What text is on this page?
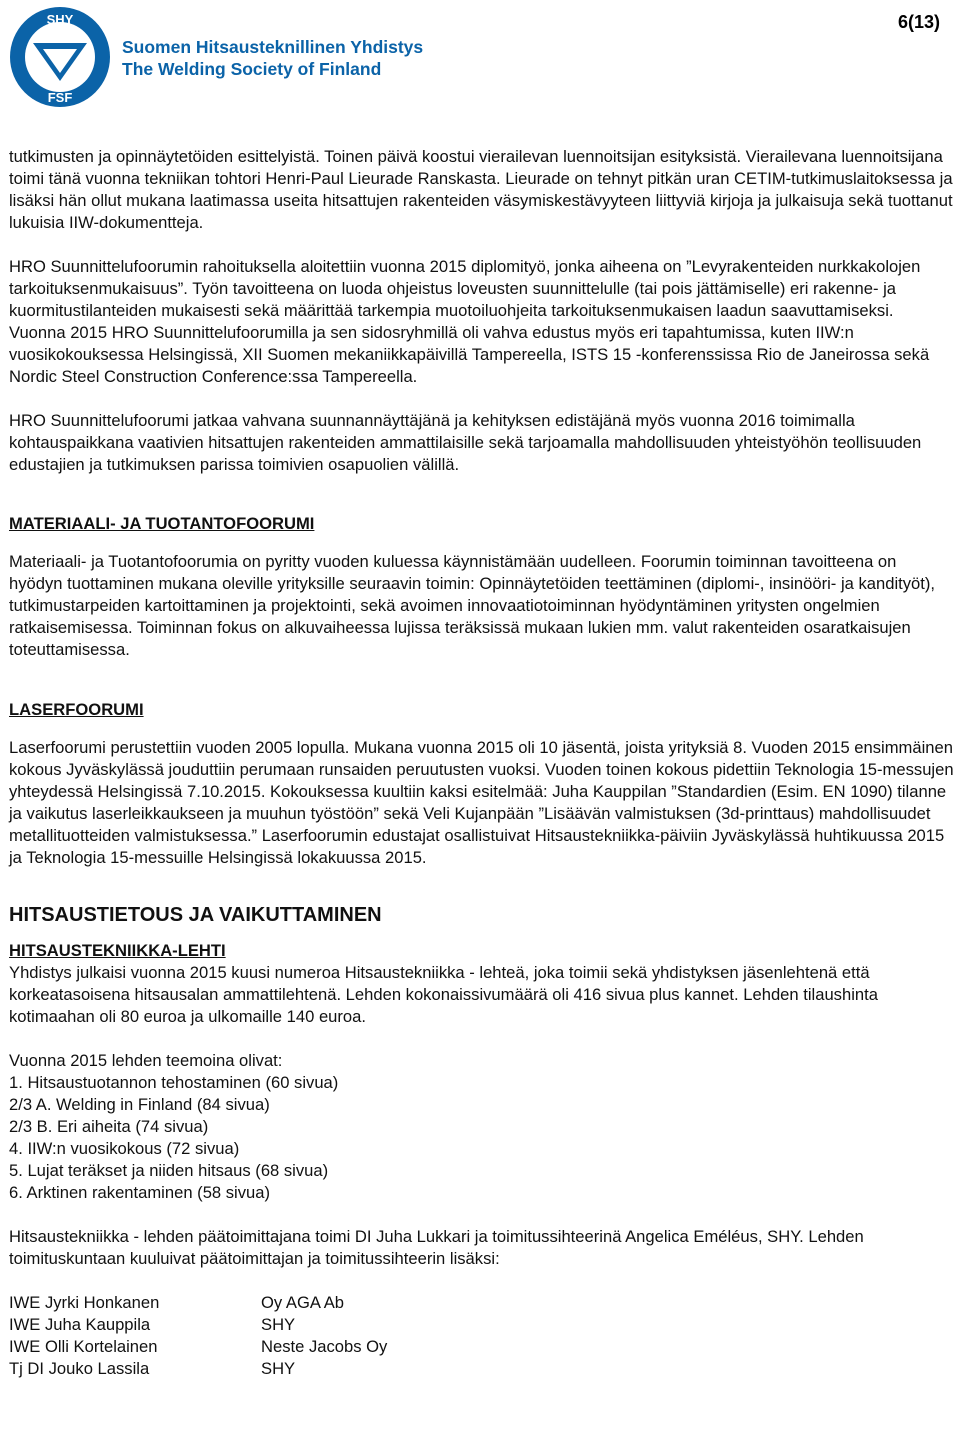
6(13)
SHY
FSF
Suomen Hitsausteknillinen Yhdistys
The Welding Society of Finland

tutkimusten ja opinnäytetöiden esittelyistä. Toinen päivä koostui vierailevan luennoitsijan esityksistä. Vierailevana luennoitsijana toimi tänä vuonna tekniikan tohtori Henri-Paul Lieurade Ranskasta. Lieurade on tehnyt pitkän uran CETIM-tutkimuslaitoksessa ja lisäksi hän ollut mukana laatimassa useita hitsattujen rakenteiden väsymiskestävyyteen liittyviä kirjoja ja julkaisuja sekä tuottanut lukuisia IIW-dokumentteja.

HRO Suunnittelufoorumin rahoituksella aloitettiin vuonna 2015 diplomityö, jonka aiheena on ”Levyrakenteiden nurkkakolojen tarkoituksenmukaisuus”. Työn tavoitteena on luoda ohjeistus loveusten suunnittelulle (tai pois jättämiselle) eri rakenne- ja kuormitustilanteiden mukaisesti sekä määrittää tarkempia muotoiluohjeita tarkoituksenmukaisen laadun saavuttamiseksi. Vuonna 2015 HRO Suunnittelufoorumilla ja sen sidosryhmillä oli vahva edustus myös eri tapahtumissa, kuten IIW:n vuosikokouksessa Helsingissä, XII Suomen mekaniikkapäivillä Tampereella, ISTS 15 -konferenssissa Rio de Janeirossa sekä Nordic Steel Construction Conference:ssa Tampereella.

HRO Suunnittelufoorumi jatkaa vahvana suunnannäyttäjänä ja kehityksen edistäjänä myös vuonna 2016 toimimalla kohtauspaikkana vaativien hitsattujen rakenteiden ammattilaisille sekä tarjoamalla mahdollisuuden yhteistyöhön teollisuuden edustajien ja tutkimuksen parissa toimivien osapuolien välillä.

MATERIAALI- JA TUOTANTOFOORUMI

Materiaali- ja Tuotantofoorumia on pyritty vuoden kuluessa käynnistämään uudelleen. Foorumin toiminnan tavoitteena on hyödyn tuottaminen mukana oleville yrityksille seuraavin toimin: Opinnäytetöiden teettäminen (diplomi-, insinööri- ja kandityöt), tutkimustarpeiden kartoittaminen ja projektointi, sekä avoimen innovaatiotoiminnan hyödyntäminen yritysten ongelmien ratkaisemisessa. Toiminnan fokus on alkuvaiheessa lujissa teräksissä mukaan lukien mm. valut rakenteiden osaratkaisujen toteuttamisessa.

LASERFOORUMI

Laserfoorumi perustettiin vuoden 2005 lopulla. Mukana vuonna 2015 oli 10 jäsentä, joista yrityksiä 8. Vuoden 2015 ensimmäinen kokous Jyväskylässä jouduttiin perumaan runsaiden peruutusten vuoksi. Vuoden toinen kokous pidettiin Teknologia 15-messujen yhteydessä Helsingissä 7.10.2015. Kokouksessa kuultiin kaksi esitelmää: Juha Kauppilan ”Standardien (Esim. EN 1090) tilanne ja vaikutus laserleikkaukseen ja muuhun työstöön” sekä Veli Kujanpään ”Lisäävän valmistuksen (3d-printtaus) mahdollisuudet metallituotteiden valmistuksessa.” Laserfoorumin edustajat osallistuivat Hitsaustekniikka-päiviin Jyväskylässä huhtikuussa 2015 ja Teknologia 15-messuille Helsingissä lokakuussa 2015.

HITSAUSTIETOUS JA VAIKUTTAMINEN

HITSAUSTEKNIIKKA-LEHTI

Yhdistys julkaisi vuonna 2015 kuusi numeroa Hitsaustekniikka - lehteä, joka toimii sekä yhdistyksen jäsenlehtenä että korkeatasoisena hitsausalan ammattilehtenä. Lehden kokonaissivumäärä oli 416 sivua plus kannet. Lehden tilaushinta kotimaahan oli 80 euroa ja ulkomaille 140 euroa.

Vuonna 2015 lehden teemoina olivat:

1. Hitsaustuotannon tehostaminen (60 sivua)
2/3 A. Welding in Finland (84 sivua)
2/3 B. Eri aiheita (74 sivua)
4. IIW:n vuosikokous (72 sivua)
5. Lujat teräkset ja niiden hitsaus (68 sivua)
6. Arktinen rakentaminen (58 sivua)

Hitsaustekniikka - lehden päätoimittajana toimi DI Juha Lukkari ja toimitussihteerinä Angelica Eméléus, SHY. Lehden toimituskuntaan kuuluivat päätoimittajan ja toimitussihteerin lisäksi:

IWE Jyrki Honkanen	Oy AGA Ab
IWE Juha Kauppila	SHY
IWE Olli Kortelainen	Neste Jacobs Oy
Tj DI Jouko Lassila	SHY
